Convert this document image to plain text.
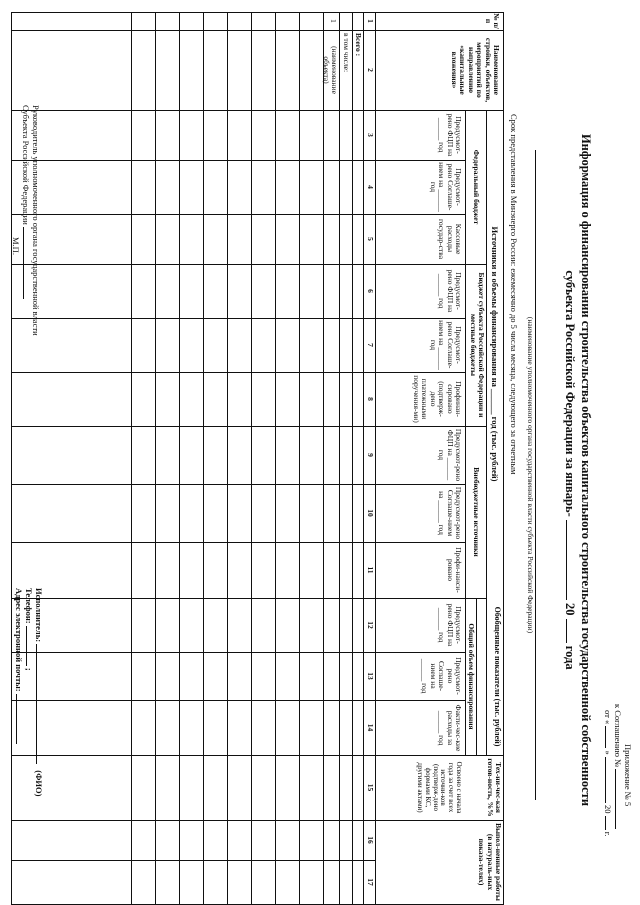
Приложение № 5
к Соглашению №
от «  »  20  г.
Информация о финансировании строительства объектов капитального строительства государственной собственности
субъекта Российской Федерации за январь-  20  года
(наименование уполномоченного органа государственной власти субъекта Российской Федерации)
Срок представления в Минэнерго России: ежемесячно до 5 числа месяца, следующего за отчетным
№ п/п
Наименование стройки, объектов, мероприятий по направлению «капитальные вложения»
Источники и объемы финансирования на ______ год (тыс. рублей)
Обобщенные показатели (тыс. рублей)
Тех-ни-чес-кая готов-ность, %%
Выпол-ненные работы (в натураль-ных показа-телях)
Федеральный бюджет
Бюджет субъекта Российской Федерации и местные бюджеты
Внебюджетные источники
Общий объем финансирования
Предусмот-рено ФЦП на ______ год
Предусмот-рено Соглаше-нием на ______ год
Кассовые расходы государ-ства
Предусмот-рено ФЦП на ______ год
Предусмот-рено Соглаше-нием на ______ год
Профинан-сировано (подтверж-дено платежными поручения-ми)
Предусмот-рено ФЦП на ______ год
Предусмот-рено Соглаше-нием на ______ год
Профи-нанси-ровано
Предусмот-рено ФЦП на ______ год
Предусмот-рено Соглаше-нием на ______ год
Факти-чес-кие расходы за ______ год
Освоено с начала года за счет всех источни-ков (подтверж-дено формами КС, другими актами)
1
2
3
4
5
6
7
8
9
10
11
12
13
14
15
16
17
Всего :
в том числе:
1
(наименование объекта)
Руководитель уполномоченного органа государственной власти
Субъекта Российской Федерации
М.П.
Исполнитель:  (ФИО)
Телефон:  ;
Адрес электронной почты:
